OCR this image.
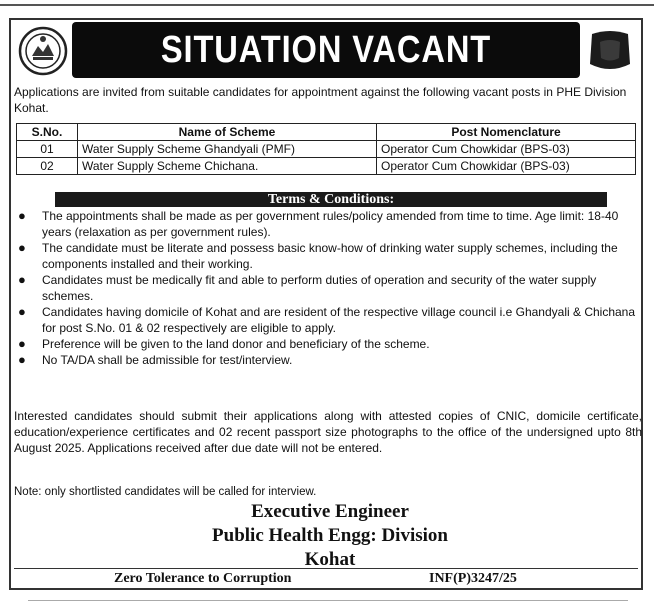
SITUATION VACANT
Applications are invited from suitable candidates for appointment against the following vacant posts in PHE Division Kohat.
S.No.	Name of Scheme	Post Nomenclature
01	Water Supply Scheme Ghandyali (PMF)	Operator Cum Chowkidar (BPS-03)
02	Water Supply Scheme Chichana.	Operator Cum Chowkidar (BPS-03)
Terms & Conditions:
● The appointments shall be made as per government rules/policy amended from time to time. Age limit: 18-40 years (relaxation as per government rules).
● The candidate must be literate and possess basic know-how of drinking water supply schemes, including the components installed and their working.
● Candidates must be medically fit and able to perform duties of operation and security of the water supply schemes.
● Candidates having domicile of Kohat and are resident of the respective village council i.e Ghandyali & Chichana for post S.No. 01 & 02 respectively are eligible to apply.
● Preference will be given to the land donor and beneficiary of the scheme.
● No TA/DA shall be admissible for test/interview.
Interested candidates should submit their applications along with attested copies of CNIC, domicile certificate, education/experience certificates and 02 recent passport size photographs to the office of the undersigned upto 8th August 2025. Applications received after due date will not be entered.
Note: only shortlisted candidates will be called for interview.
Executive Engineer
Public Health Engg: Division
Kohat
Zero Tolerance to Corruption	INF(P)3247/25
